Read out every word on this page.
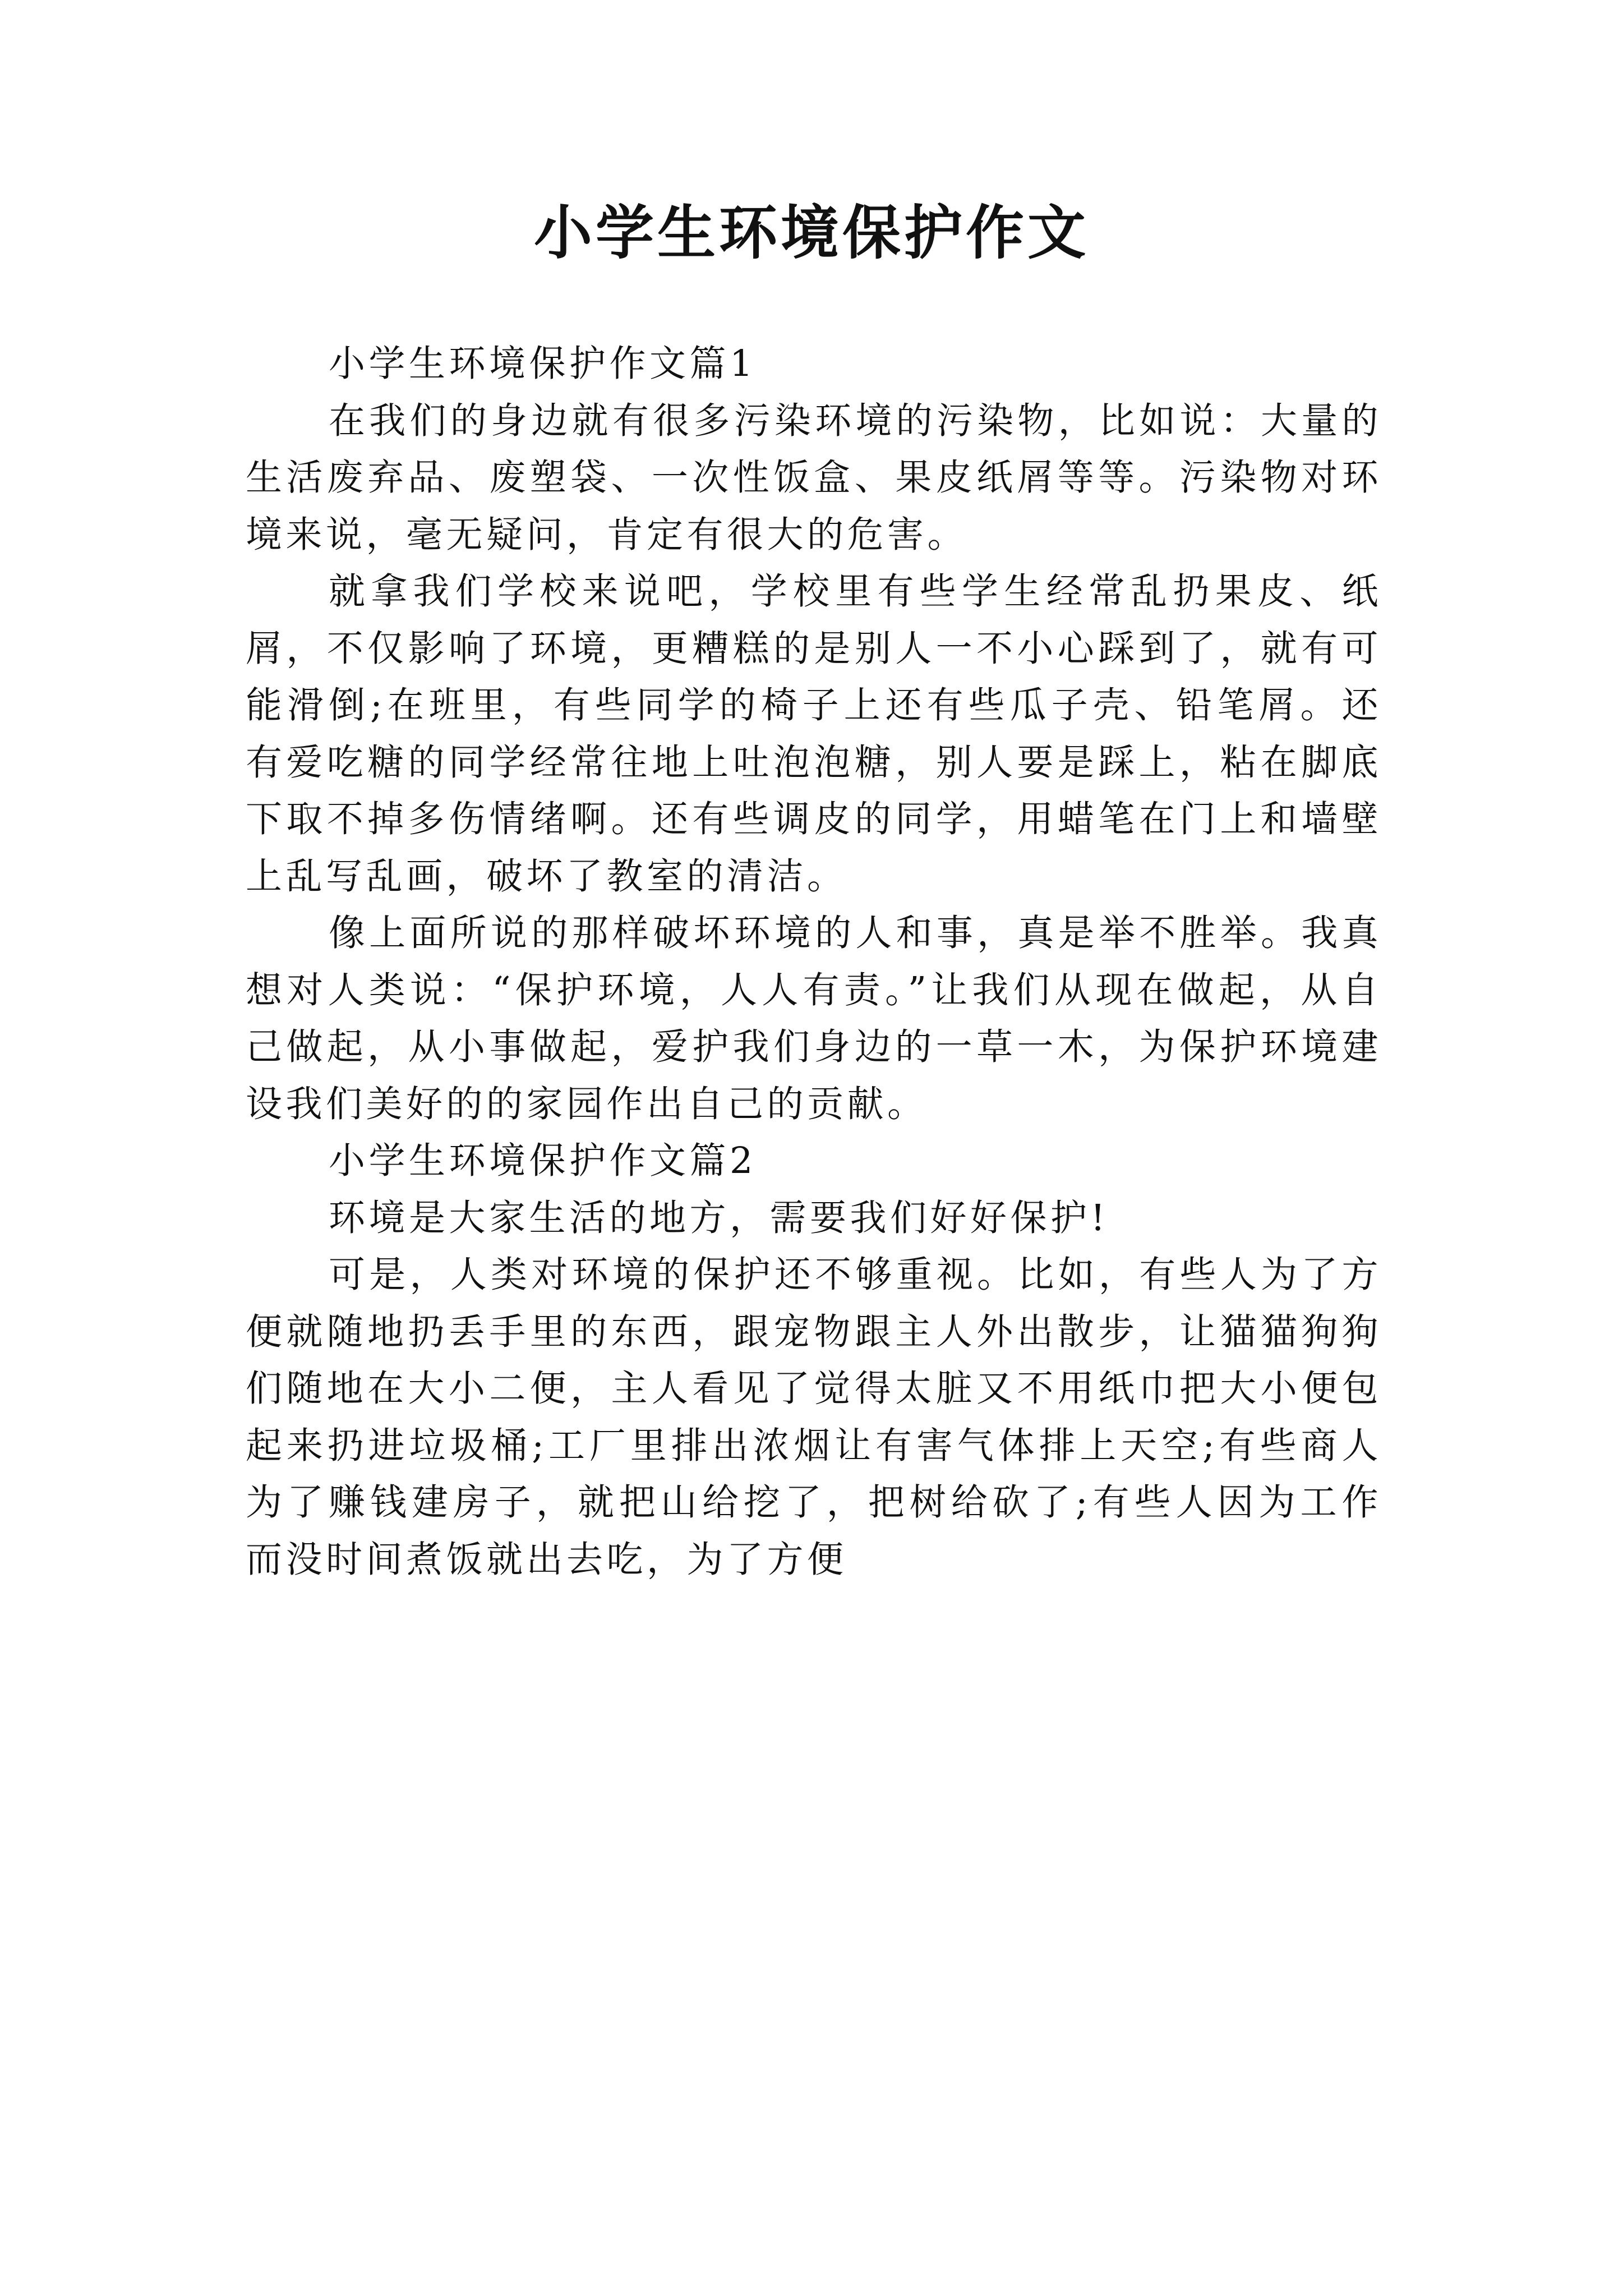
小学生环境保护作文

小学生环境保护作文篇1

在我们的身边就有很多污染环境的污染物，比如说：大量的生活废弃品、废塑袋、一次性饭盒、果皮纸屑等等。污染物对环境来说，毫无疑问，肯定有很大的危害。

就拿我们学校来说吧，学校里有些学生经常乱扔果皮、纸屑，不仅影响了环境，更糟糕的是别人一不小心踩到了，就有可能滑倒;在班里，有些同学的椅子上还有些瓜子壳、铅笔屑。还有爱吃糖的同学经常往地上吐泡泡糖，别人要是踩上，粘在脚底下取不掉多伤情绪啊。还有些调皮的同学，用蜡笔在门上和墙壁上乱写乱画，破坏了教室的清洁。

像上面所说的那样破坏环境的人和事，真是举不胜举。我真想对人类说：“保护环境，人人有责。”让我们从现在做起，从自己做起，从小事做起，爱护我们身边的一草一木，为保护环境建设我们美好的的家园作出自己的贡献。

小学生环境保护作文篇2

环境是大家生活的地方，需要我们好好保护!

可是，人类对环境的保护还不够重视。比如，有些人为了方便就随地扔丢手里的东西，跟宠物跟主人外出散步，让猫猫狗狗们随地在大小二便，主人看见了觉得太脏又不用纸巾把大小便包起来扔进垃圾桶;工厂里排出浓烟让有害气体排上天空;有些商人为了赚钱建房子，就把山给挖了，把树给砍了;有些人因为工作而没时间煮饭就出去吃，为了方便
